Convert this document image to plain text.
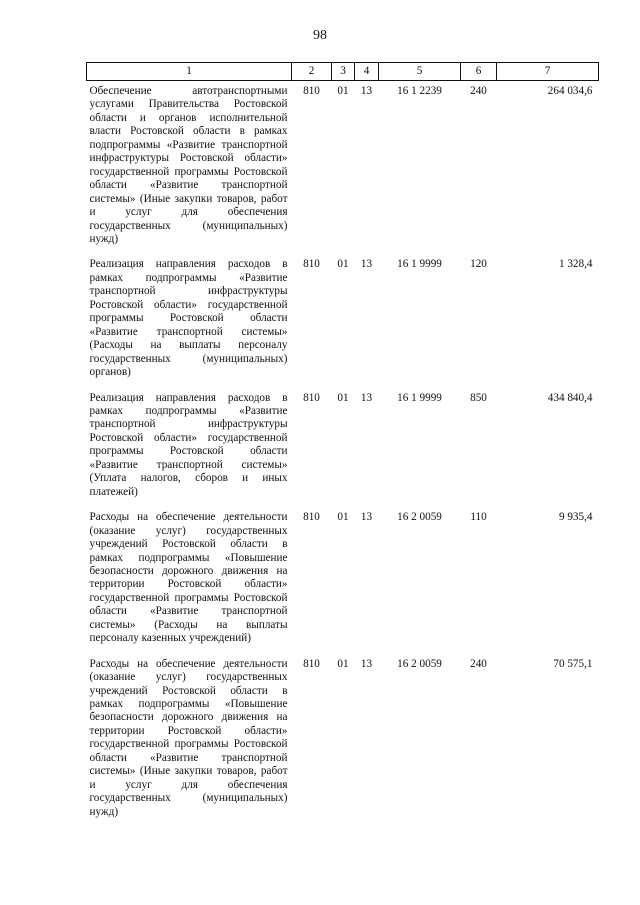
98
1	2	3	4	5	6	7
Обеспечение автотранспортными услугами Правительства Ростовской области и органов исполнительной власти Ростовской области в рамках подпрограммы «Развитие транспортной инфраструктуры Ростовской области» государственной программы Ростовской области «Развитие транспортной системы» (Иные закупки товаров, работ и услуг для обеспечения государственных (муниципальных) нужд)	810	01	13	16 1 2239	240	264 034,6
Реализация направления расходов в рамках подпрограммы «Развитие транспортной инфраструктуры Ростовской области» государственной программы Ростовской области «Развитие транспортной системы» (Расходы на выплаты персоналу государственных (муниципальных) органов)	810	01	13	16 1 9999	120	1 328,4
Реализация направления расходов в рамках подпрограммы «Развитие транспортной инфраструктуры Ростовской области» государственной программы Ростовской области «Развитие транспортной системы» (Уплата налогов, сборов и иных платежей)	810	01	13	16 1 9999	850	434 840,4
Расходы на обеспечение деятельности (оказание услуг) государственных учреждений Ростовской области в рамках подпрограммы «Повышение безопасности дорожного движения на территории Ростовской области» государственной программы Ростовской области «Развитие транспортной системы» (Расходы на выплаты персоналу казенных учреждений)	810	01	13	16 2 0059	110	9 935,4
Расходы на обеспечение деятельности (оказание услуг) государственных учреждений Ростовской области в рамках подпрограммы «Повышение безопасности дорожного движения на территории Ростовской области» государственной программы Ростовской области «Развитие транспортной системы» (Иные закупки товаров, работ и услуг для обеспечения государственных (муниципальных) нужд)	810	01	13	16 2 0059	240	70 575,1
